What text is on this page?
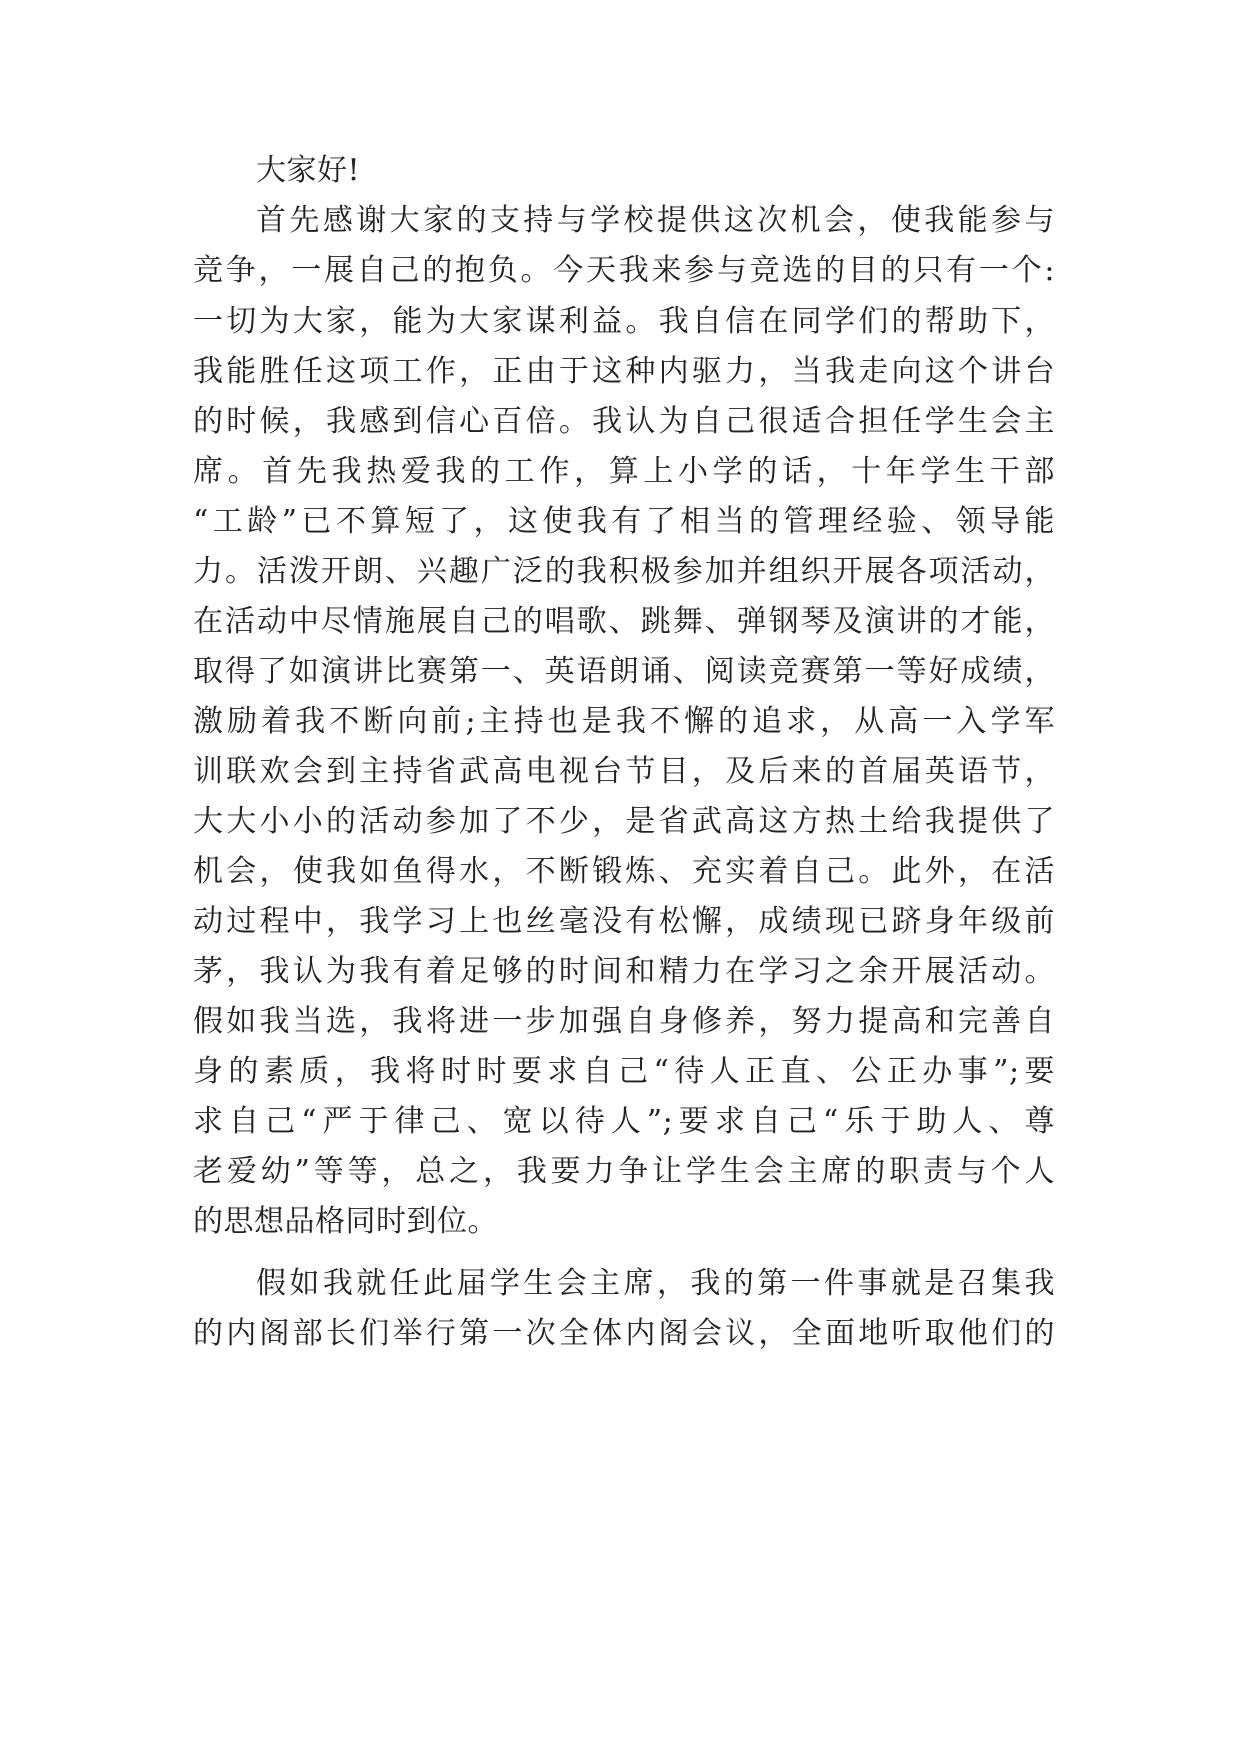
大家好!

首先感谢大家的支持与学校提供这次机会，使我能参与

竞争，一展自己的抱负。今天我来参与竞选的目的只有一个:

一切为大家，能为大家谋利益。我自信在同学们的帮助下，

我能胜任这项工作，正由于这种内驱力，当我走向这个讲台

的时候，我感到信心百倍。我认为自己很适合担任学生会主

席。首先我热爱我的工作，算上小学的话，十年学生干部

“工龄”已不算短了，这使我有了相当的管理经验、领导能

力。活泼开朗、兴趣广泛的我积极参加并组织开展各项活动，

在活动中尽情施展自己的唱歌、跳舞、弹钢琴及演讲的才能，

取得了如演讲比赛第一、英语朗诵、阅读竞赛第一等好成绩，

激励着我不断向前;主持也是我不懈的追求，从高一入学军

训联欢会到主持省武高电视台节目，及后来的首届英语节，

大大小小的活动参加了不少，是省武高这方热土给我提供了

机会，使我如鱼得水，不断锻炼、充实着自己。此外，在活

动过程中，我学习上也丝毫没有松懈，成绩现已跻身年级前

茅，我认为我有着足够的时间和精力在学习之余开展活动。

假如我当选，我将进一步加强自身修养，努力提高和完善自

身的素质，我将时时要求自己“待人正直、公正办事”;要

求自己“严于律己、宽以待人”;要求自己“乐于助人、尊

老爱幼”等等，总之，我要力争让学生会主席的职责与个人

的思想品格同时到位。

假如我就任此届学生会主席，我的第一件事就是召集我

的内阁部长们举行第一次全体内阁会议，全面地听取他们的
